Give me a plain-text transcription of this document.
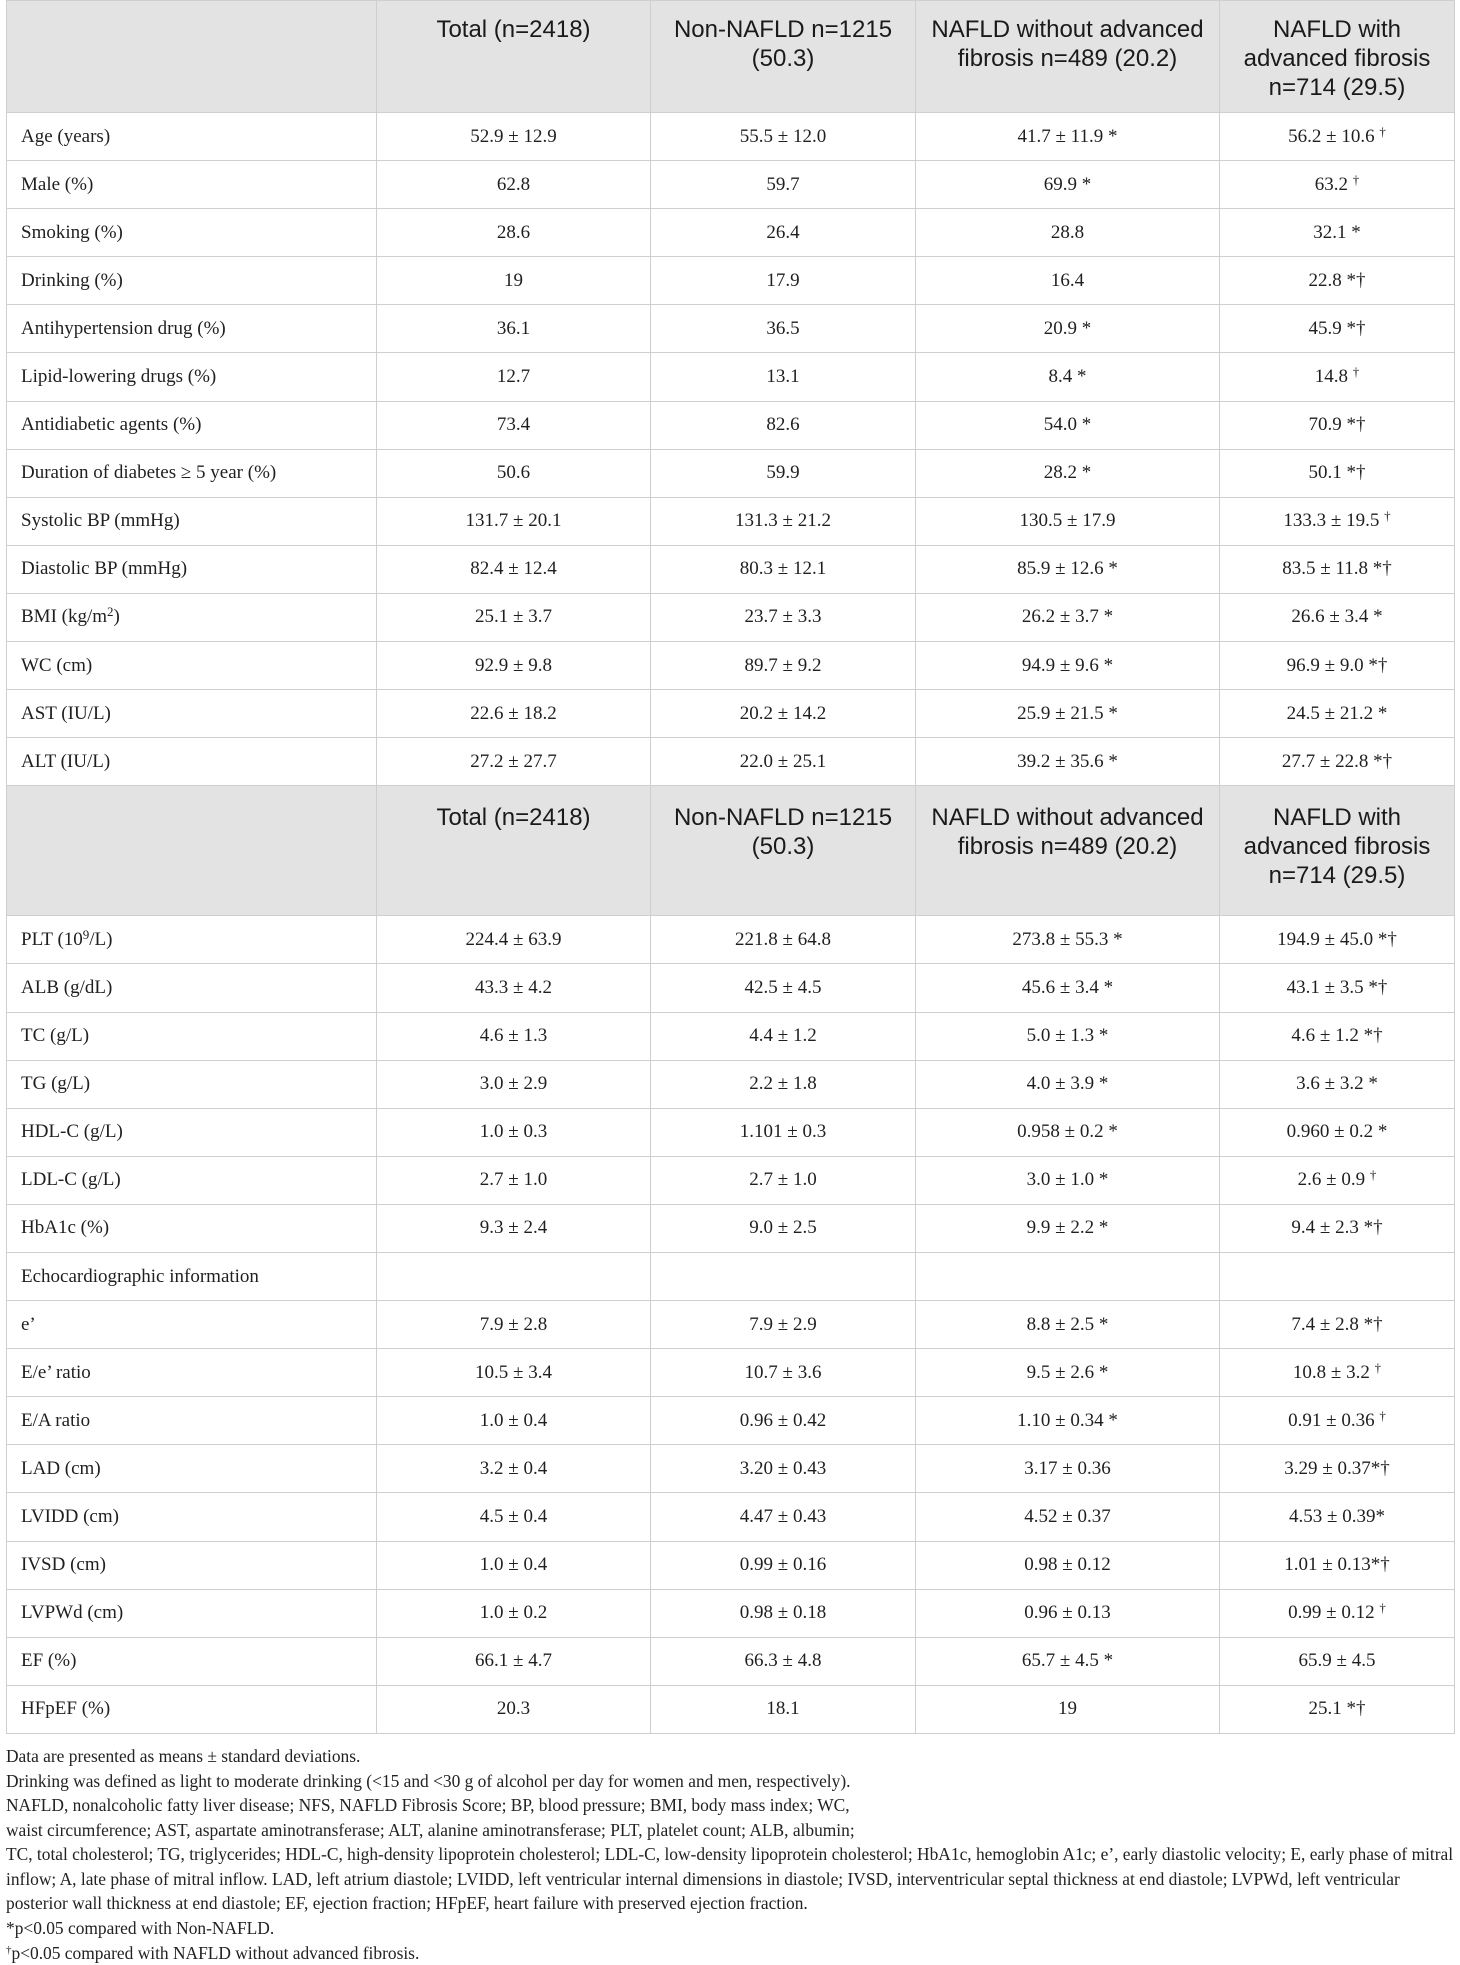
	Total (n=2418)	Non-NAFLD n=1215 (50.3)	NAFLD without advanced fibrosis n=489 (20.2)	NAFLD with advanced fibrosis n=714 (29.5)
Age (years)	52.9 ± 12.9	55.5 ± 12.0	41.7 ± 11.9 *	56.2 ± 10.6 †
Male (%)	62.8	59.7	69.9 *	63.2 †
Smoking (%)	28.6	26.4	28.8	32.1 *
Drinking (%)	19	17.9	16.4	22.8 *†
Antihypertension drug (%)	36.1	36.5	20.9 *	45.9 *†
Lipid-lowering drugs (%)	12.7	13.1	8.4 *	14.8 †
Antidiabetic agents (%)	73.4	82.6	54.0 *	70.9 *†
Duration of diabetes ≥ 5 year (%)	50.6	59.9	28.2 *	50.1 *†
Systolic BP (mmHg)	131.7 ± 20.1	131.3 ± 21.2	130.5 ± 17.9	133.3 ± 19.5 †
Diastolic BP (mmHg)	82.4 ± 12.4	80.3 ± 12.1	85.9 ± 12.6 *	83.5 ± 11.8 *†
BMI $(kg/m^2)$	25.1 ± 3.7	23.7 ± 3.3	26.2 ± 3.7 *	26.6 ± 3.4 *
WC (cm)	92.9 ± 9.8	89.7 ± 9.2	94.9 ± 9.6 *	96.9 ± 9.0 *†
AST (IU/L)	22.6 ± 18.2	20.2 ± 14.2	25.9 ± 21.5 *	24.5 ± 21.2 *
ALT (IU/L)	27.2 ± 27.7	22.0 ± 25.1	39.2 ± 35.6 *	27.7 ± 22.8 *†
	Total (n=2418)	Non-NAFLD n=1215 (50.3)	NAFLD without advanced fibrosis n=489 (20.2)	NAFLD with advanced fibrosis n=714 (29.5)
PLT $(10^9/L)$	224.4 ± 63.9	221.8 ± 64.8	273.8 ± 55.3 *	194.9 ± 45.0 *†
ALB (g/dL)	43.3 ± 4.2	42.5 ± 4.5	45.6 ± 3.4 *	43.1 ± 3.5 *†
TC (g/L)	4.6 ± 1.3	4.4 ± 1.2	5.0 ± 1.3 *	4.6 ± 1.2 *†
TG (g/L)	3.0 ± 2.9	2.2 ± 1.8	4.0 ± 3.9 *	3.6 ± 3.2 *
HDL-C (g/L)	1.0 ± 0.3	1.101 ± 0.3	0.958 ± 0.2 *	0.960 ± 0.2 *
LDL-C (g/L)	2.7 ± 1.0	2.7 ± 1.0	3.0 ± 1.0 *	2.6 ± 0.9 †
HbA1c (%)	9.3 ± 2.4	9.0 ± 2.5	9.9 ± 2.2 *	9.4 ± 2.3 *†
Echocardiographic information				
e’	7.9 ± 2.8	7.9 ± 2.9	8.8 ± 2.5 *	7.4 ± 2.8 *†
E/e’ ratio	10.5 ± 3.4	10.7 ± 3.6	9.5 ± 2.6 *	10.8 ± 3.2 †
E/A ratio	1.0 ± 0.4	0.96 ± 0.42	1.10 ± 0.34 *	0.91 ± 0.36 †
LAD (cm)	3.2 ± 0.4	3.20 ± 0.43	3.17 ± 0.36	3.29 ± 0.37*†
LVIDD (cm)	4.5 ± 0.4	4.47 ± 0.43	4.52 ± 0.37	4.53 ± 0.39*
IVSD (cm)	1.0 ± 0.4	0.99 ± 0.16	0.98 ± 0.12	1.01 ± 0.13*†
LVPWd (cm)	1.0 ± 0.2	0.98 ± 0.18	0.96 ± 0.13	0.99 ± 0.12 †
EF (%)	66.1 ± 4.7	66.3 ± 4.8	65.7 ± 4.5 *	65.9 ± 4.5
HFpEF (%)	20.3	18.1	19	25.1 *†

Data are presented as means ± standard deviations.

Drinking was defined as light to moderate drinking (<15 and <30 g of alcohol per day for women and men, respectively).

NAFLD, nonalcoholic fatty liver disease; NFS, NAFLD Fibrosis Score; BP, blood pressure; BMI, body mass index; WC,

waist circumference; AST, aspartate aminotransferase; ALT, alanine aminotransferase; PLT, platelet count; ALB, albumin;

TC, total cholesterol; TG, triglycerides; HDL-C, high-density lipoprotein cholesterol; LDL-C, low-density lipoprotein cholesterol; HbA1c, hemoglobin A1c; e’, early diastolic velocity; E, early phase of mitral inflow; A, late phase of mitral inflow. LAD, left atrium diastole; LVIDD, left ventricular internal dimensions in diastole; IVSD, interventricular septal thickness at end diastole; LVPWd, left ventricular posterior wall thickness at end diastole; EF, ejection fraction; HFpEF, heart failure with preserved ejection fraction.

*p<0.05 compared with Non-NAFLD.

†p<0.05 compared with NAFLD without advanced fibrosis.
